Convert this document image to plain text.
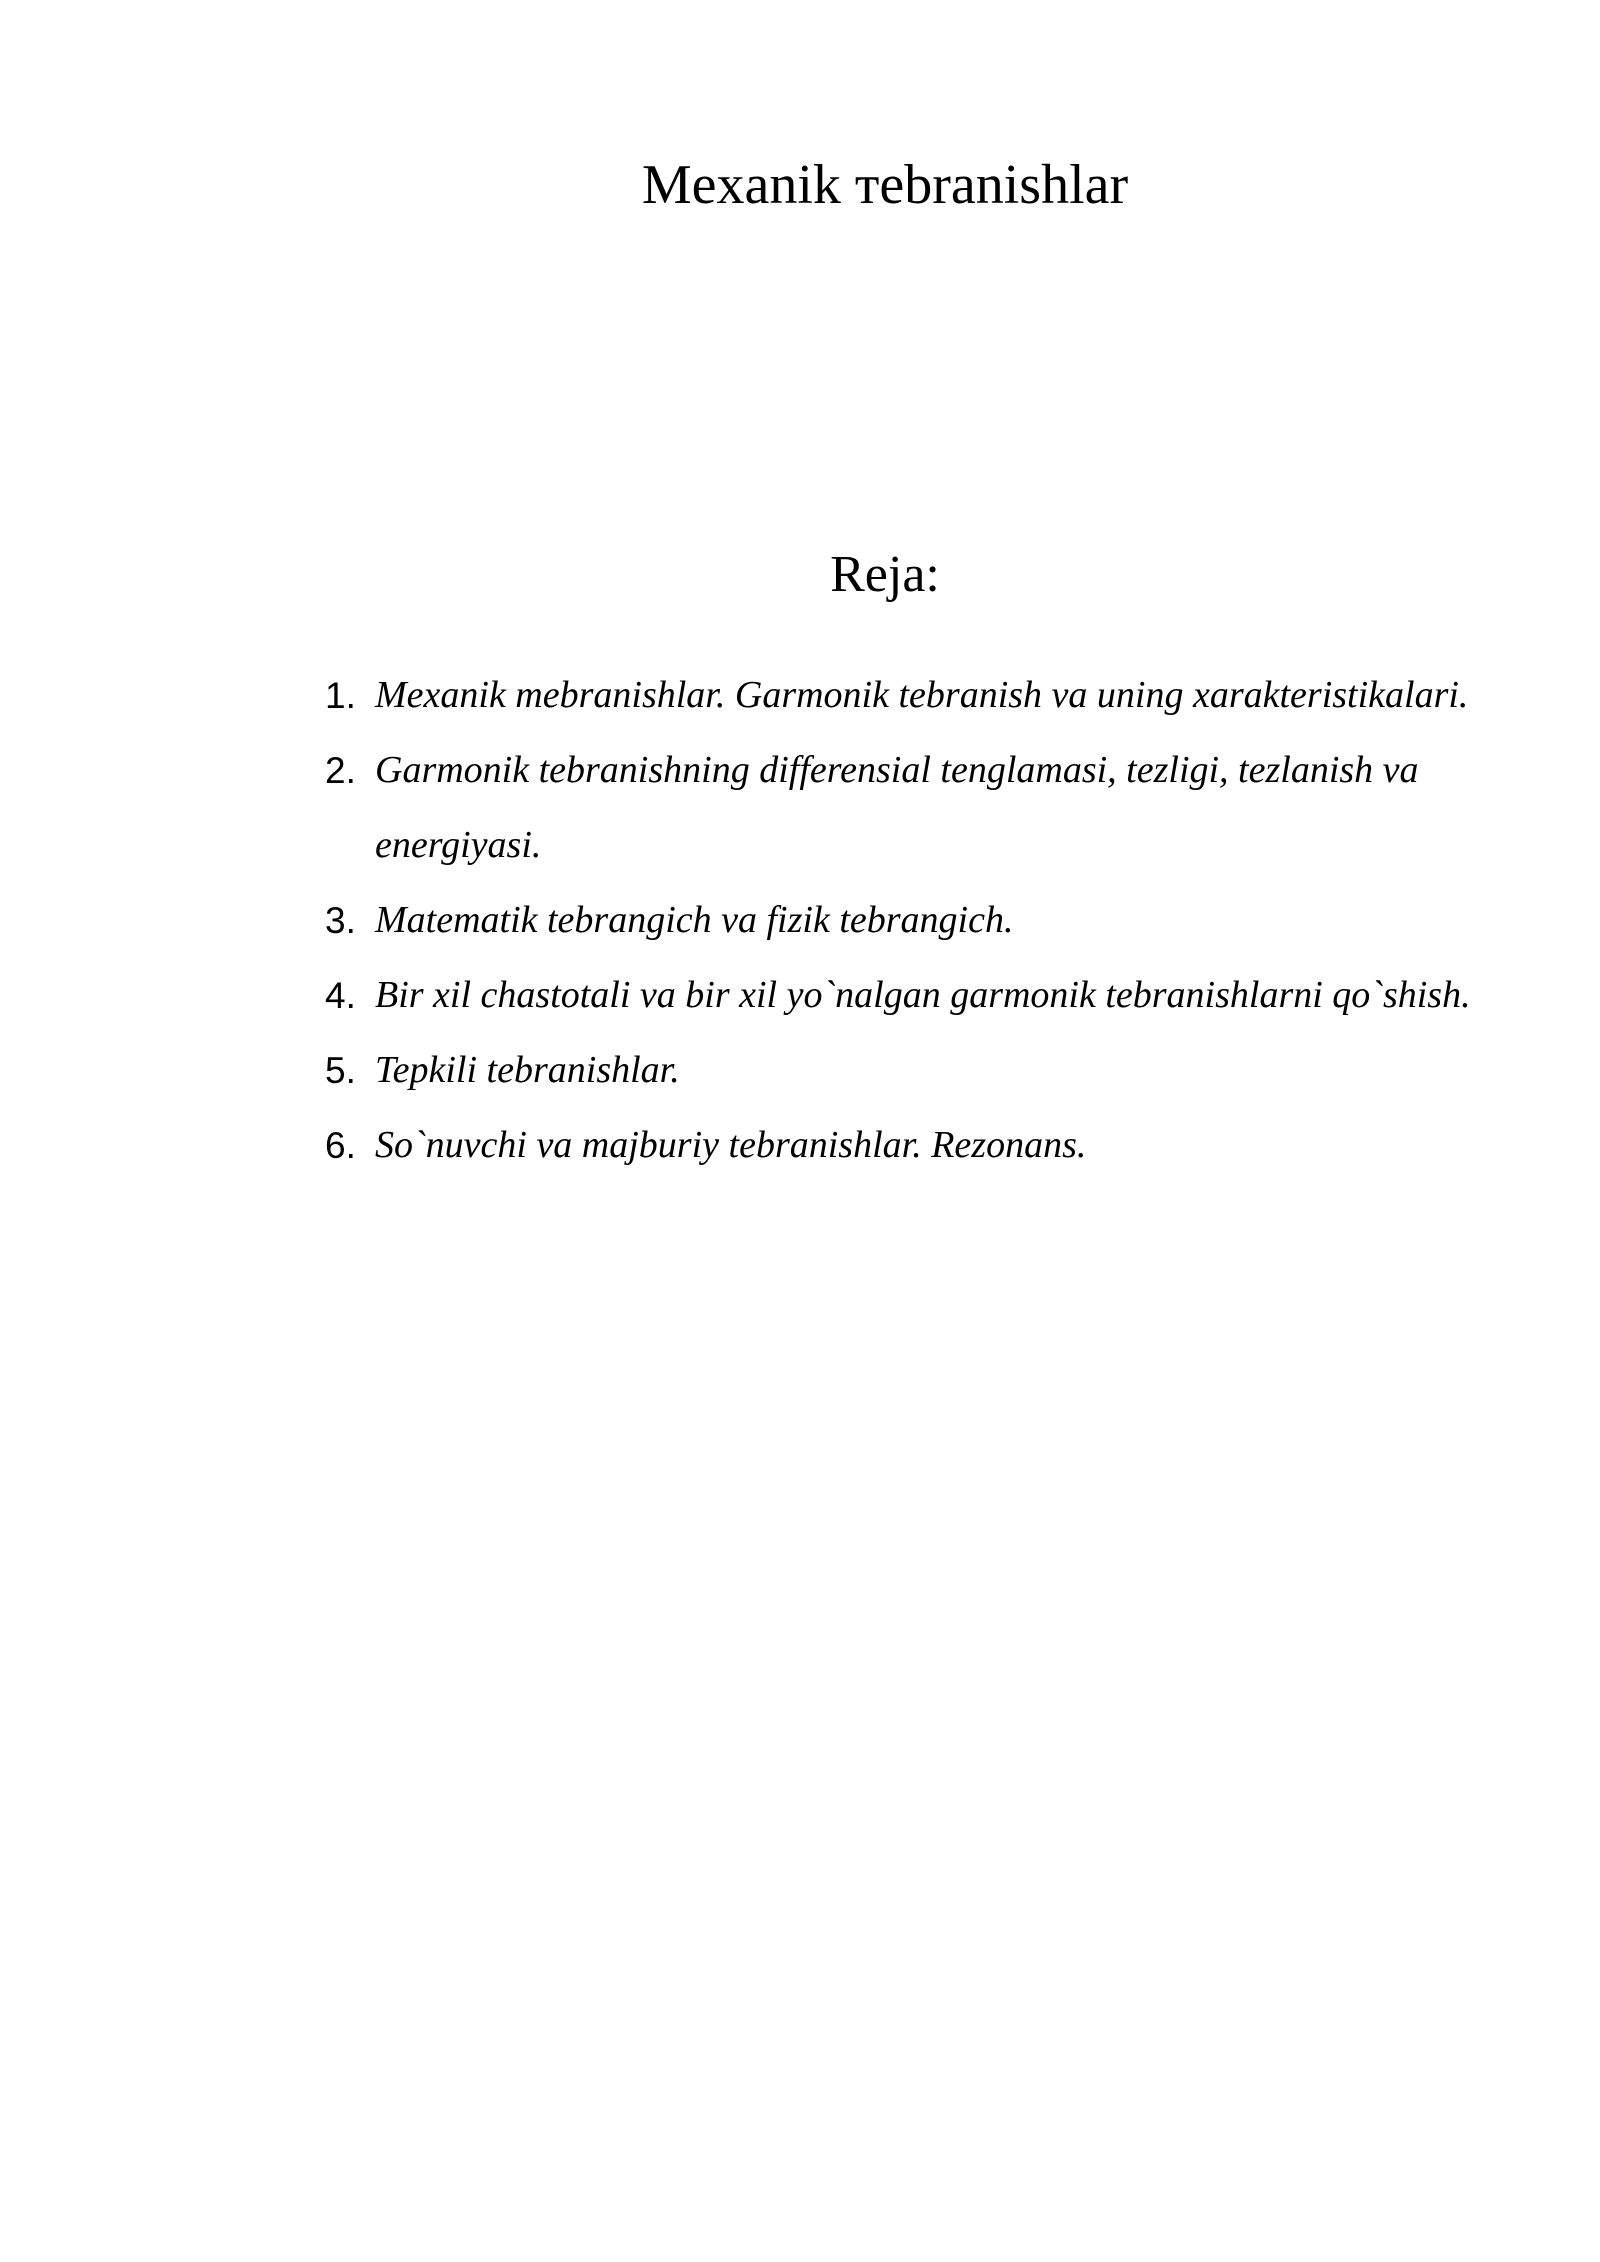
Mexanik тebranishlar
Reja:
1. Mexanik mebranishlar. Garmonik tebranish va uning xarakteristikalari.
2. Garmonik tebranishning differensial tenglamasi, tezligi, tezlanish va energiyasi.
3. Matematik tebrangich va fizik tebrangich.
4. Bir xil chastotali va bir xil yo`nalgan garmonik tebranishlarni qo`shish.
5. Tepkili tebranishlar.
6. So`nuvchi va majburiy tebranishlar. Rezonans.
